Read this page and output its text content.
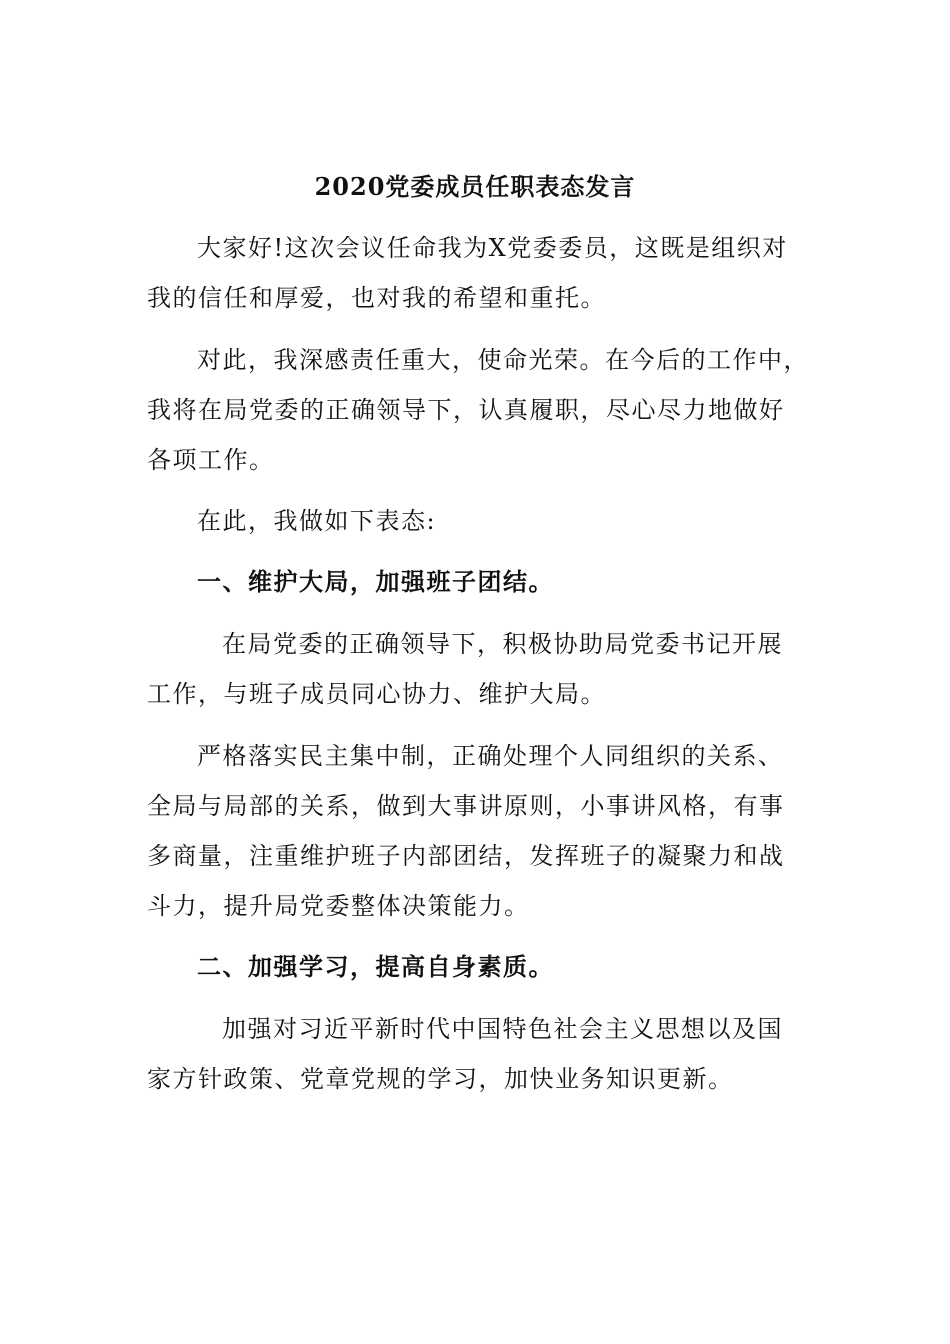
2020党委成员任职表态发言
大家好!这次会议任命我为X党委委员，这既是组织对
我的信任和厚爱，也对我的希望和重托。
对此，我深感责任重大，使命光荣。在今后的工作中，
我将在局党委的正确领导下，认真履职，尽心尽力地做好
各项工作。
在此，我做如下表态:
一、维护大局，加强班子团结。
在局党委的正确领导下，积极协助局党委书记开展
工作，与班子成员同心协力、维护大局。
严格落实民主集中制，正确处理个人同组织的关系、
全局与局部的关系，做到大事讲原则，小事讲风格，有事
多商量，注重维护班子内部团结，发挥班子的凝聚力和战
斗力，提升局党委整体决策能力。
二、加强学习，提高自身素质。
加强对习近平新时代中国特色社会主义思想以及国
家方针政策、党章党规的学习，加快业务知识更新。
